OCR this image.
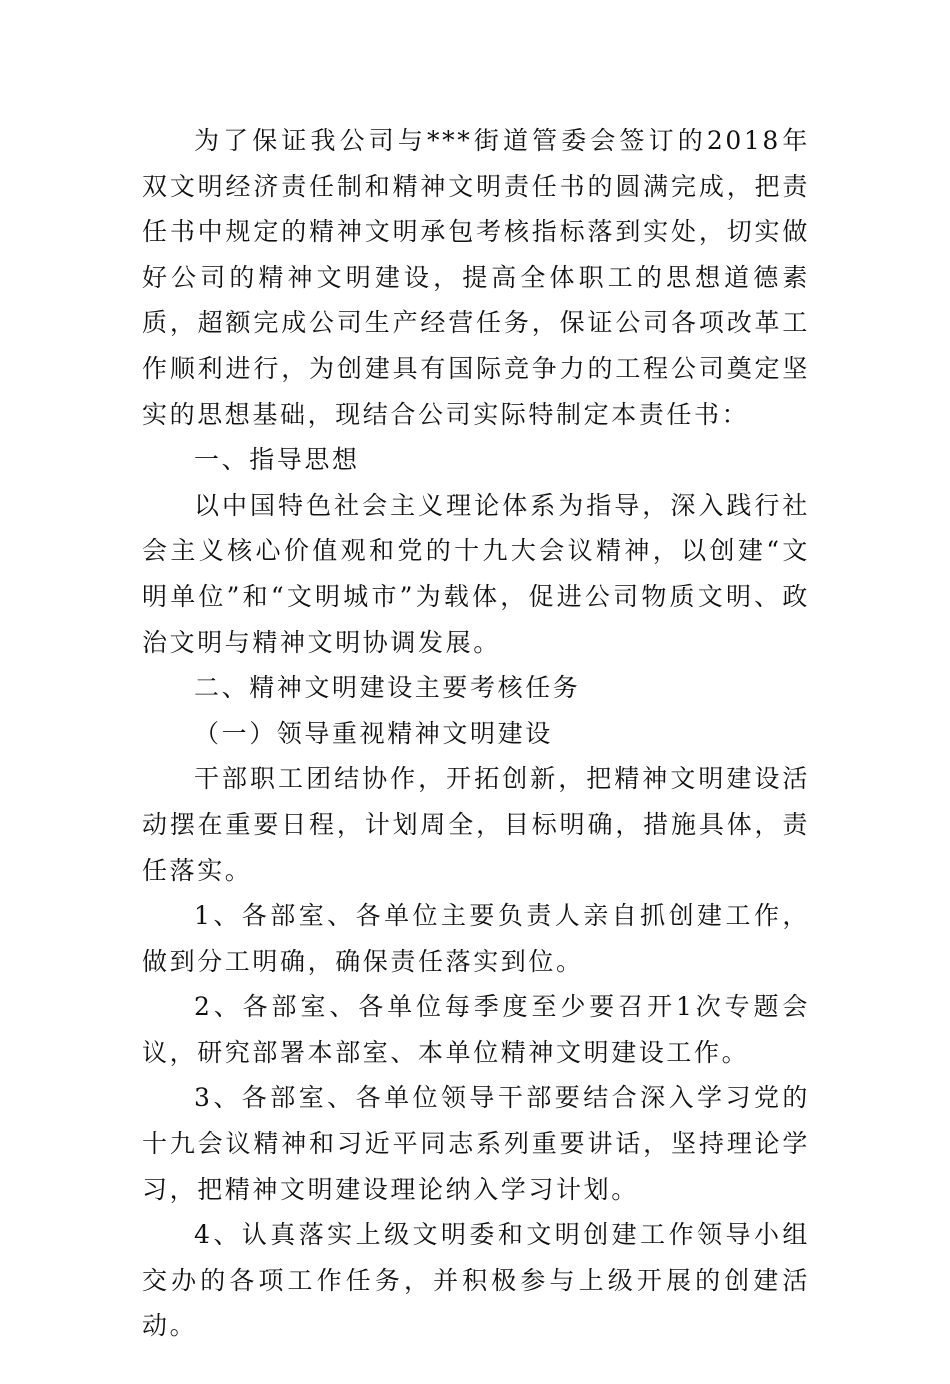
为了保证我公司与***街道管委会签订的2018年双文明经济责任制和精神文明责任书的圆满完成，把责任书中规定的精神文明承包考核指标落到实处，切实做好公司的精神文明建设，提高全体职工的思想道德素质，超额完成公司生产经营任务，保证公司各项改革工作顺利进行，为创建具有国际竞争力的工程公司奠定坚实的思想基础，现结合公司实际特制定本责任书：

一、指导思想

以中国特色社会主义理论体系为指导，深入践行社会主义核心价值观和党的十九大会议精神，以创建“文明单位”和“文明城市”为载体，促进公司物质文明、政治文明与精神文明协调发展。

二、精神文明建设主要考核任务

（一）领导重视精神文明建设

干部职工团结协作，开拓创新，把精神文明建设活动摆在重要日程，计划周全，目标明确，措施具体，责任落实。

1、各部室、各单位主要负责人亲自抓创建工作，做到分工明确，确保责任落实到位。

2、各部室、各单位每季度至少要召开1次专题会议，研究部署本部室、本单位精神文明建设工作。

3、各部室、各单位领导干部要结合深入学习党的十九会议精神和习近平同志系列重要讲话，坚持理论学习，把精神文明建设理论纳入学习计划。

4、认真落实上级文明委和文明创建工作领导小组交办的各项工作任务，并积极参与上级开展的创建活动。
